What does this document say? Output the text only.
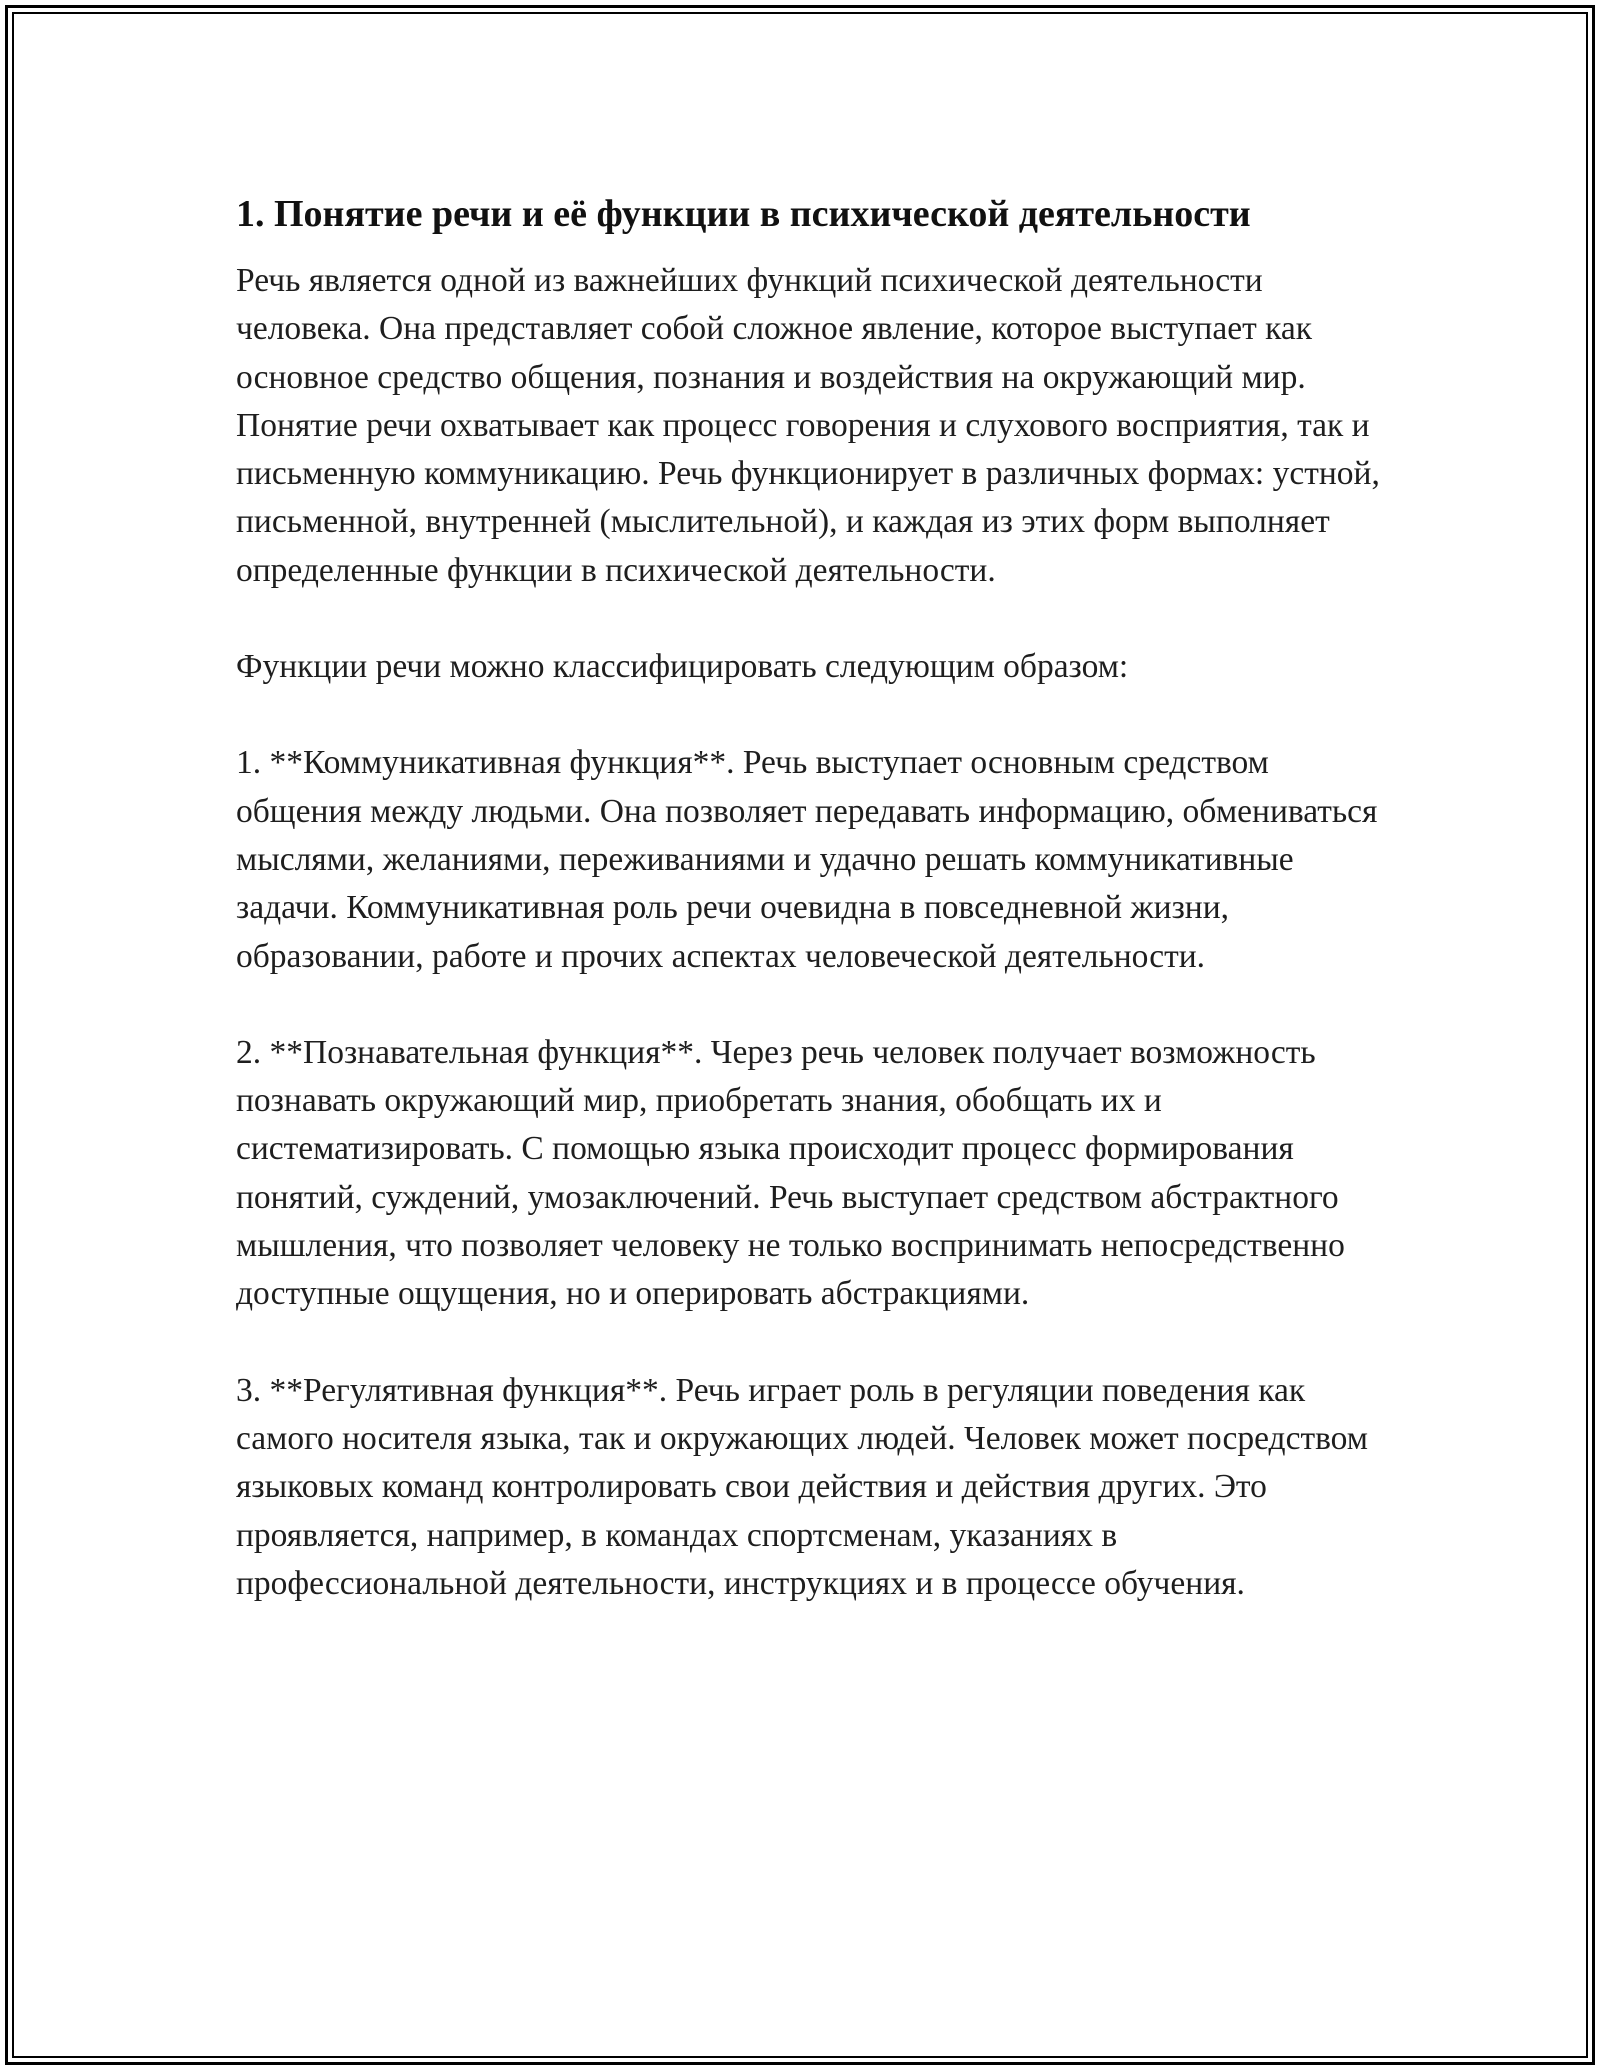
1. Понятие речи и её функции в психической деятельности

Речь является одной из важнейших функций психической деятельности человека. Она представляет собой сложное явление, которое выступает как основное средство общения, познания и воздействия на окружающий мир. Понятие речи охватывает как процесс говорения и слухового восприятия, так и письменную коммуникацию. Речь функционирует в различных формах: устной, письменной, внутренней (мыслительной), и каждая из этих форм выполняет определенные функции в психической деятельности.

Функции речи можно классифицировать следующим образом:

1. **Коммуникативная функция**. Речь выступает основным средством общения между людьми. Она позволяет передавать информацию, обмениваться мыслями, желаниями, переживаниями и удачно решать коммуникативные задачи. Коммуникативная роль речи очевидна в повседневной жизни, образовании, работе и прочих аспектах человеческой деятельности.

2. **Познавательная функция**. Через речь человек получает возможность познавать окружающий мир, приобретать знания, обобщать их и систематизировать. С помощью языка происходит процесс формирования понятий, суждений, умозаключений. Речь выступает средством абстрактного мышления, что позволяет человеку не только воспринимать непосредственно доступные ощущения, но и оперировать абстракциями.

3. **Регулятивная функция**. Речь играет роль в регуляции поведения как самого носителя языка, так и окружающих людей. Человек может посредством языковых команд контролировать свои действия и действия других. Это проявляется, например, в командах спортсменам, указаниях в профессиональной деятельности, инструкциях и в процессе обучения.
